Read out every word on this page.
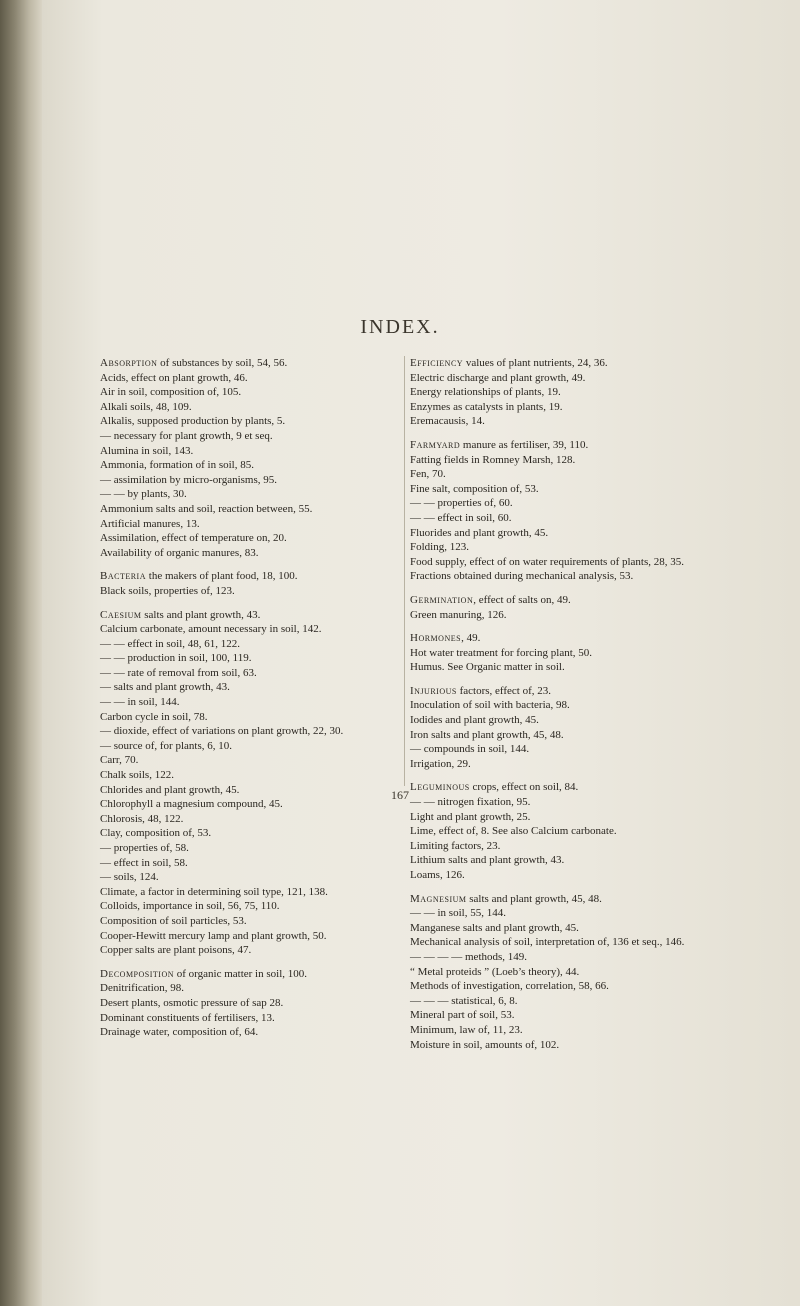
INDEX.

Absorption of substances by soil, 54, 56.

Acids, effect on plant growth, 46.

Air in soil, composition of, 105.

Alkali soils, 48, 109.

Alkalis, supposed production by plants, 5.

— necessary for plant growth, 9 et seq.

Alumina in soil, 143.

Ammonia, formation of in soil, 85.

— assimilation by micro-organisms, 95.

— — by plants, 30.

Ammonium salts and soil, reaction between, 55.

Artificial manures, 13.

Assimilation, effect of temperature on, 20.

Availability of organic manures, 83.

Bacteria the makers of plant food, 18, 100.

Black soils, properties of, 123.

Caesium salts and plant growth, 43.

Calcium carbonate, amount necessary in soil, 142.

— — effect in soil, 48, 61, 122.

— — production in soil, 100, 119.

— — rate of removal from soil, 63.

— salts and plant growth, 43.

— — in soil, 144.

Carbon cycle in soil, 78.

— dioxide, effect of variations on plant growth, 22, 30.

— source of, for plants, 6, 10.

Carr, 70.

Chalk soils, 122.

Chlorides and plant growth, 45.

Chlorophyll a magnesium compound, 45.

Chlorosis, 48, 122.

Clay, composition of, 53.

— properties of, 58.

— effect in soil, 58.

— soils, 124.

Climate, a factor in determining soil type, 121, 138.

Colloids, importance in soil, 56, 75, 110.

Composition of soil particles, 53.

Cooper-Hewitt mercury lamp and plant growth, 50.

Copper salts are plant poisons, 47.

Decomposition of organic matter in soil, 100.

Denitrification, 98.

Desert plants, osmotic pressure of sap 28.

Dominant constituents of fertilisers, 13.

Drainage water, composition of, 64.

Efficiency values of plant nutrients, 24, 36.

Electric discharge and plant growth, 49.

Energy relationships of plants, 19.

Enzymes as catalysts in plants, 19.

Eremacausis, 14.

Farmyard manure as fertiliser, 39, 110.

Fatting fields in Romney Marsh, 128.

Fen, 70.

Fine salt, composition of, 53.

— — properties of, 60.

— — effect in soil, 60.

Fluorides and plant growth, 45.

Folding, 123.

Food supply, effect of on water requirements of plants, 28, 35.

Fractions obtained during mechanical analysis, 53.

Germination, effect of salts on, 49.

Green manuring, 126.

Hormones, 49.

Hot water treatment for forcing plant, 50.

Humus. See Organic matter in soil.

Injurious factors, effect of, 23.

Inoculation of soil with bacteria, 98.

Iodides and plant growth, 45.

Iron salts and plant growth, 45, 48.

— compounds in soil, 144.

Irrigation, 29.

Leguminous crops, effect on soil, 84.

— — nitrogen fixation, 95.

Light and plant growth, 25.

Lime, effect of, 8. See also Calcium carbonate.

Limiting factors, 23.

Lithium salts and plant growth, 43.

Loams, 126.

Magnesium salts and plant growth, 45, 48.

— — in soil, 55, 144.

Manganese salts and plant growth, 45.

Mechanical analysis of soil, interpretation of, 136 et seq., 146.

— — — — methods, 149.

“ Metal proteids ” (Loeb’s theory), 44.

Methods of investigation, correlation, 58, 66.

— — — statistical, 6, 8.

Mineral part of soil, 53.

Minimum, law of, 11, 23.

Moisture in soil, amounts of, 102.

167
